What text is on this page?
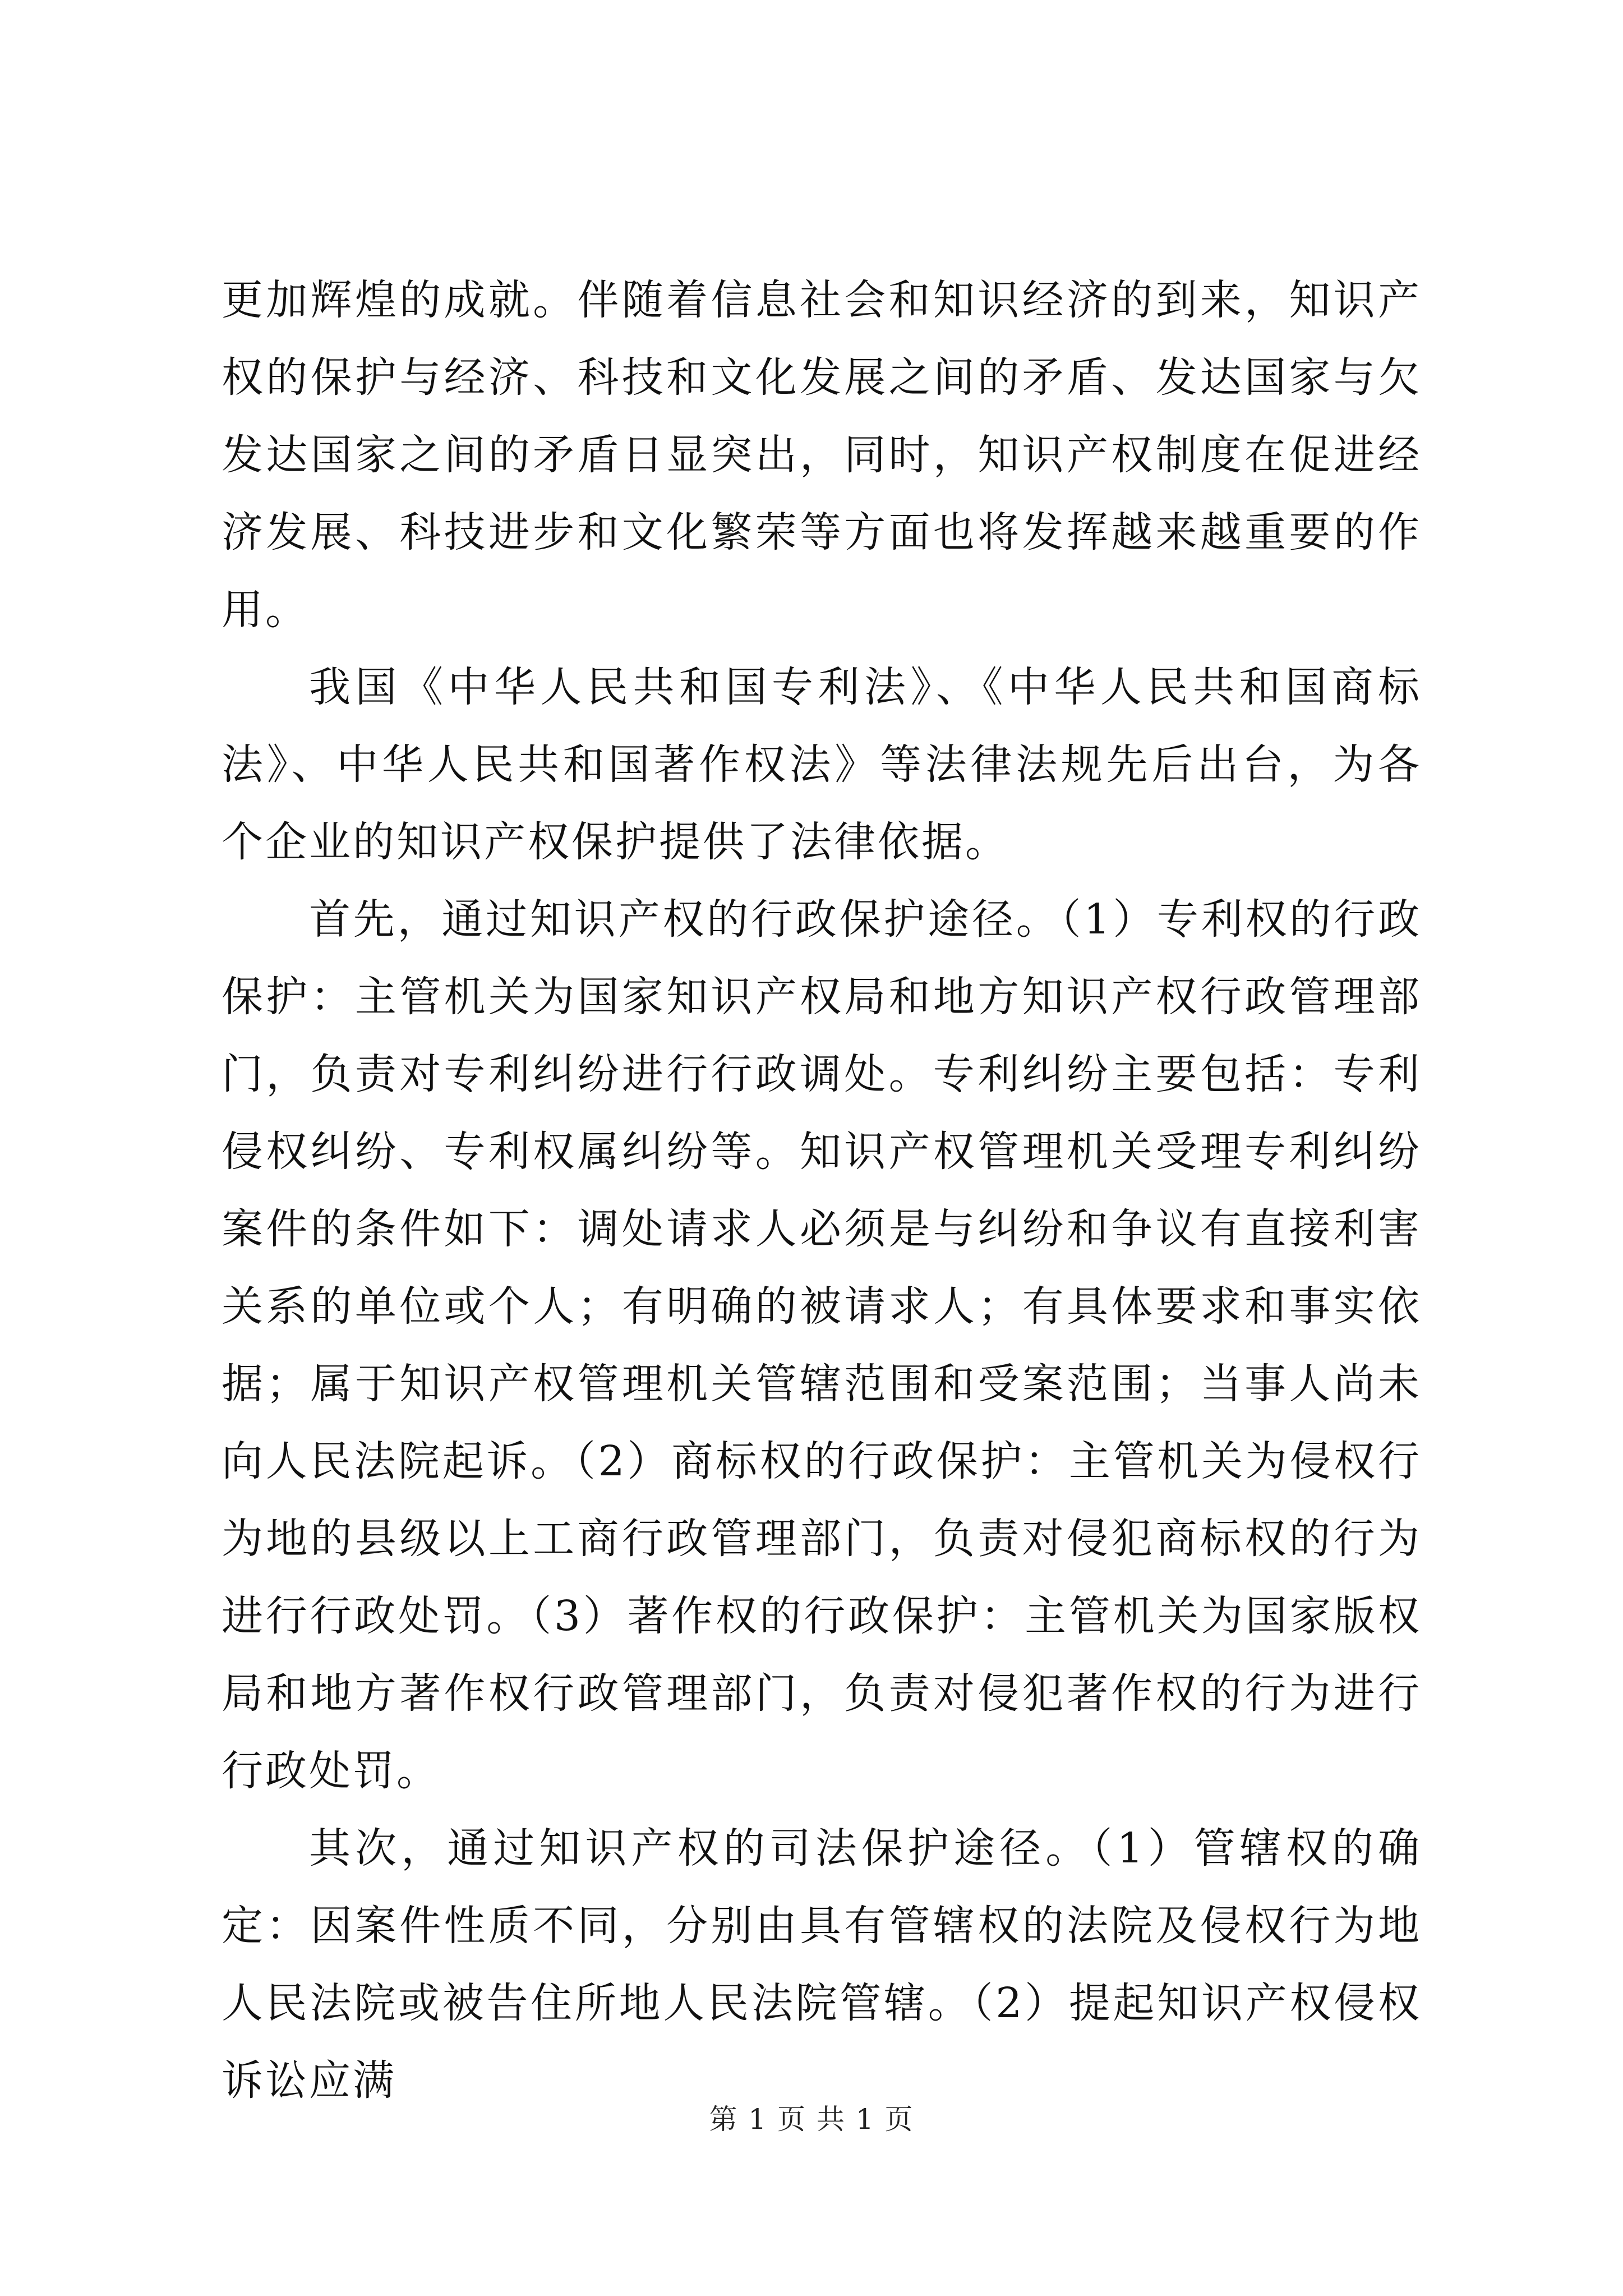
更加辉煌的成就。伴随着信息社会和知识经济的到来，知识产权的保护与经济、科技和文化发展之间的矛盾、发达国家与欠发达国家之间的矛盾日显突出，同时，知识产权制度在促进经济发展、科技进步和文化繁荣等方面也将发挥越来越重要的作用。

我国《中华人民共和国专利法》、《中华人民共和国商标法》、中华人民共和国著作权法》等法律法规先后出台，为各个企业的知识产权保护提供了法律依据。

首先，通过知识产权的行政保护途径。（1）专利权的行政保护：主管机关为国家知识产权局和地方知识产权行政管理部门，负责对专利纠纷进行行政调处。专利纠纷主要包括：专利侵权纠纷、专利权属纠纷等。知识产权管理机关受理专利纠纷案件的条件如下：调处请求人必须是与纠纷和争议有直接利害关系的单位或个人；有明确的被请求人；有具体要求和事实依据；属于知识产权管理机关管辖范围和受案范围；当事人尚未向人民法院起诉。（2）商标权的行政保护：主管机关为侵权行为地的县级以上工商行政管理部门，负责对侵犯商标权的行为进行行政处罚。（3）著作权的行政保护：主管机关为国家版权局和地方著作权行政管理部门，负责对侵犯著作权的行为进行行政处罚。

其次，通过知识产权的司法保护途径。（1）管辖权的确定：因案件性质不同，分别由具有管辖权的法院及侵权行为地人民法院或被告住所地人民法院管辖。（2）提起知识产权侵权诉讼应满

第 1 页 共 1 页
